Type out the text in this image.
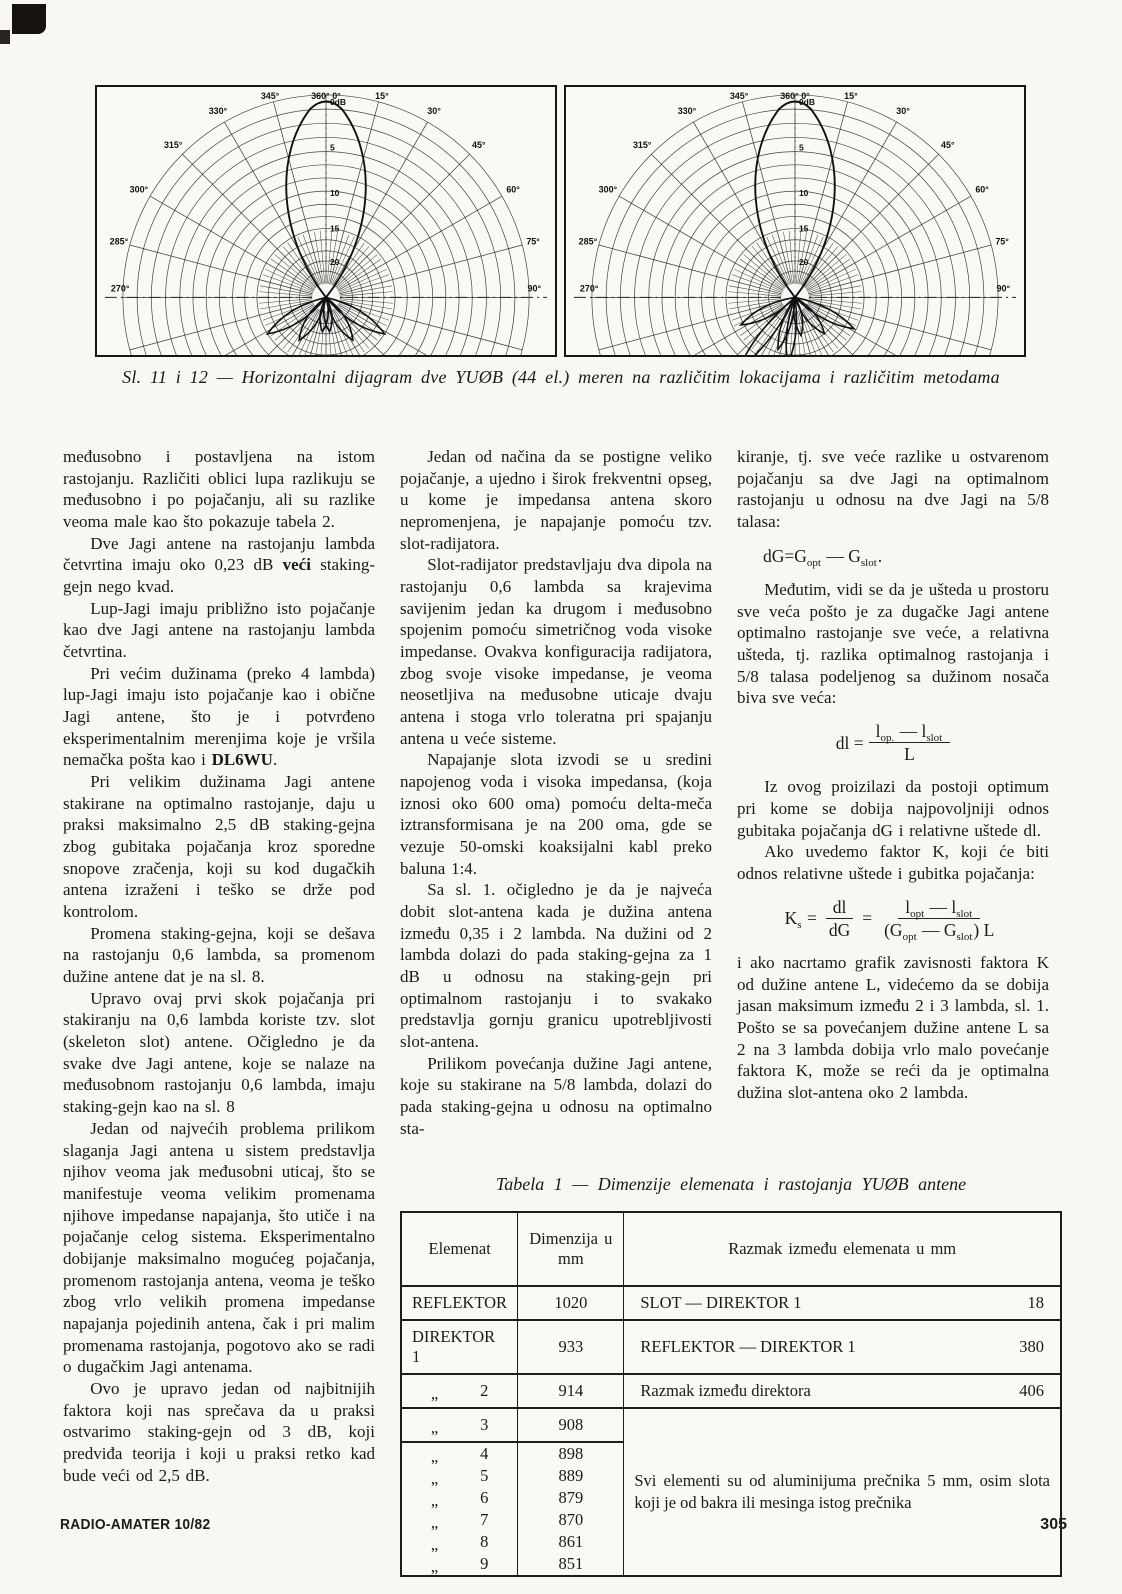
360° 0°	15°
30°
45°
60°
75°
90°
345°
330°
315°
300°
285°
270°
0dB
5
10
15
20
360° 0°	15°
30°
45°
60°
75°
90°
345°
330°
315°
300°
285°
270°
0dB
5
10
15
20
Sl. 11 i 12 — Horizontalni dijagram dve YUØB (44 el.) meren na različitim lokacijama i različitim metodama

međusobno i postavljena na istom rastojanju. Različiti oblici lupa razlikuju se međusobno i po pojačanju, ali su razlike veoma male kao što pokazuje tabela 2.

Dve Jagi antene na rastojanju lambda četvrtina imaju oko 0,23 dB veći staking-gejn nego kvad.

Lup-Jagi imaju približno isto pojačanje kao dve Jagi antene na rastojanju lambda četvrtina.

Pri većim dužinama (preko 4 lambda) lup-Jagi imaju isto pojačanje kao i obične Jagi antene, što je i potvrđeno eksperimentalnim merenjima koje je vršila nemačka pošta kao i DL6WU.

Pri velikim dužinama Jagi antene stakirane na optimalno rastojanje, daju u praksi maksimalno 2,5 dB staking-gejna zbog gubitaka pojačanja kroz sporedne snopove zračenja, koji su kod dugačkih antena izraženi i teško se drže pod kontrolom.

Promena staking-gejna, koji se dešava na rastojanju 0,6 lambda, sa promenom dužine antene dat je na sl. 8.

Upravo ovaj prvi skok pojačanja pri stakiranju na 0,6 lambda koriste tzv. slot (skeleton slot) antene. Očigledno je da svake dve Jagi antene, koje se nalaze na međusobnom rastojanju 0,6 lambda, imaju staking-gejn kao na sl. 8

Jedan od najvećih problema prilikom slaganja Jagi antena u sistem predstavlja njihov veoma jak međusobni uticaj, što se manifestuje veoma velikim promenama njihove impedanse napajanja, što utiče i na pojačanje celog sistema. Eksperimentalno dobijanje maksimalno mogućeg pojačanja, promenom rastojanja antena, veoma je teško zbog vrlo velikih promena impedanse napajanja pojedinih antena, čak i pri malim promenama rastojanja, pogotovo ako se radi o dugačkim Jagi antenama.

Ovo je upravo jedan od najbitnijih faktora koji nas sprečava da u praksi ostvarimo staking-gejn od 3 dB, koji predviđa teorija i koji u praksi retko kad bude veći od 2,5 dB.

Jedan od načina da se postigne veliko pojačanje, a ujedno i širok frekventni opseg, u kome je impedansa antena skoro nepromenjena, je napajanje pomoću tzv. slot-radijatora.

Slot-radijator predstavljaju dva dipola na rastojanju 0,6 lambda sa krajevima savijenim jedan ka drugom i međusobno spojenim pomoću simetričnog voda visoke impedanse. Ovakva konfiguracija radijatora, zbog svoje visoke impedanse, je veoma neosetljiva na međusobne uticaje dvaju antena i stoga vrlo toleratna pri spajanju antena u veće sisteme.

Napajanje slota izvodi se u sredini napojenog voda i visoka impedansa, (koja iznosi oko 600 oma) pomoću delta-meča iztransformisana je na 200 oma, gde se vezuje 50-omski koaksijalni kabl preko baluna 1:4.

Sa sl. 1. očigledno je da je najveća dobit slot-antena kada je dužina antena između 0,35 i 2 lambda. Na dužini od 2 lambda dolazi do pada staking-gejna za 1 dB u odnosu na staking-gejn pri optimalnom rastojanju i to svakako predstavlja gornju granicu upotrebljivosti slot-antena.

Prilikom povećanja dužine Jagi antene, koje su stakirane na 5/8 lambda, dolazi do pada staking-gejna u odnosu na optimalno sta-

kiranje, tj. sve veće razlike u ostvarenom pojačanju sa dve Jagi na optimalnom rastojanju u odnosu na dve Jagi na 5/8 talasa:

$dG=G_{opt}$ — $G_{slot}$.

Međutim, vidi se da je ušteda u prostoru sve veća pošto je za dugačke Jagi antene optimalno rastojanje sve veće, a relativna ušteda, tj. razlika optimalnog rastojanja i 5/8 talasa podeljenog sa dužinom nosača biva sve veća:

dl = $\frac{l_{op.} — l_{slot}}{L}$

Iz ovog proizilazi da postoji optimum pri kome se dobija najpovoljniji odnos gubitaka pojačanja dG i relativne uštede dl.

Ako uvedemo faktor K, koji će biti odnos relativne uštede i gubitka pojačanja:

$K_s = \frac{dl}{dG} = \frac{l_{opt} — l_{slot}}{(G_{opt} — G_{slot}) L}$

i ako nacrtamo grafik zavisnosti faktora K od dužine antene L, videćemo da se dobija jasan maksimum između 2 i 3 lambda, sl. 1. Pošto se sa povećanjem dužine antene L sa 2 na 3 lambda dobija vrlo malo povećanje faktora K, može se reći da je optimalna dužina slot-antena oko 2 lambda.

Tabela 1 — Dimenzije elemenata i rastojanja YUØB antene
Elemenat	Dimenzija u mm	Razmak između elemenata u mm
REFLEKTOR	1020	SLOT — DIREKTOR 1 18

DIREKTOR 1	933	REFLEKTOR — DIREKTOR 1 380

„ 2	914	Razmak između direktora 406

„ 3	908	Svi elementi su od aluminijuma prečnika 5 mm, osim slota koji je od bakra ili mesinga istog prečnika

„ 4	898	

„ 5	889	

„ 6	879	

„ 7	870	

„ 8	861	

„ 9	851	
RADIO-AMATER 10/82	305
